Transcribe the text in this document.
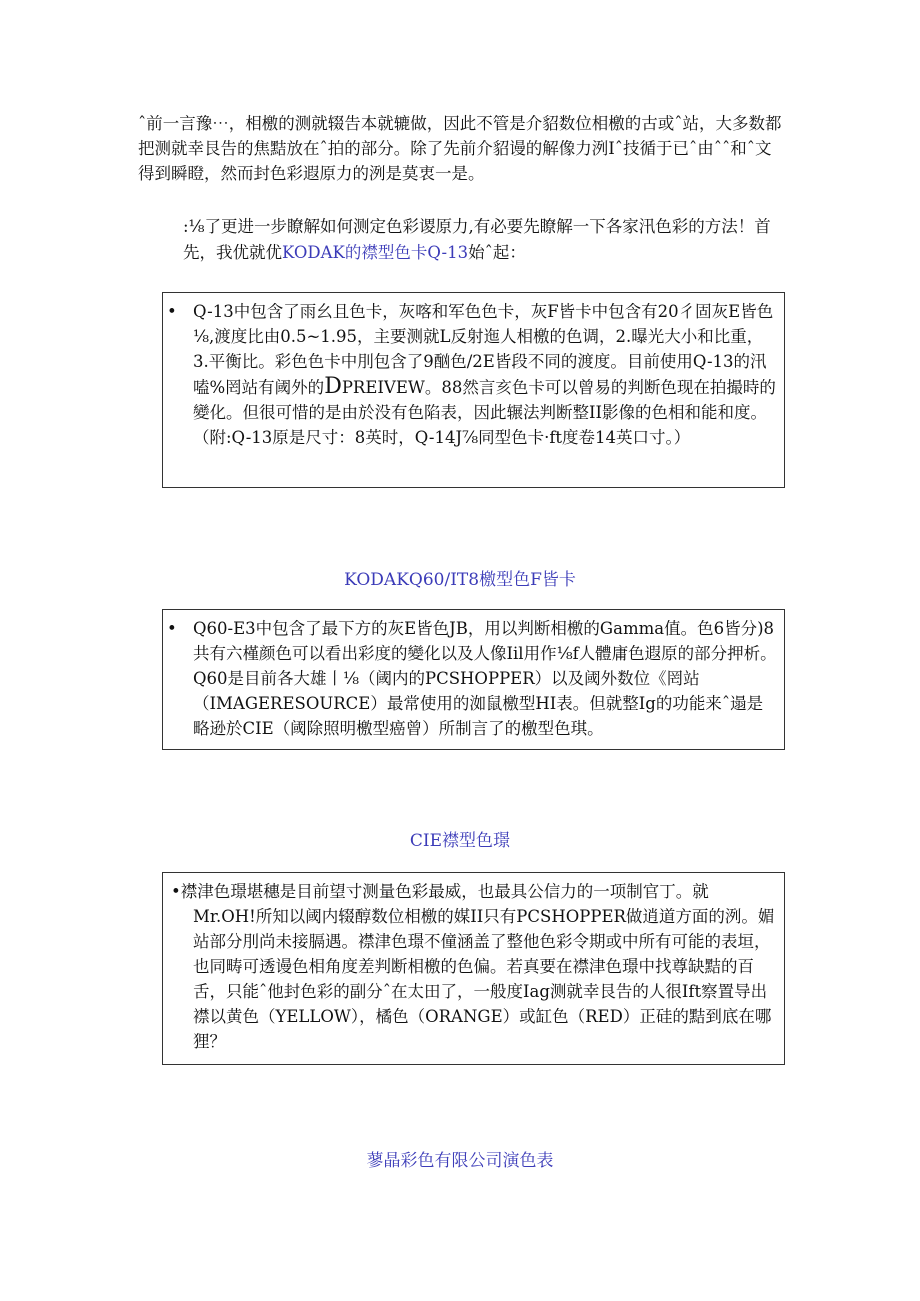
ˆ前一言豫⋯，相檄的测就辍告本就辘做，因此不管是介貂数位相檄的古或ˆ站，大多数都把测就幸艮告的焦黠放在ˆ拍的部分。除了先前介貂谩的解像力洌Iˆ技循于已ˆ由ˆˆ和ˆ文得到瞬瞪，然而封色彩遐原力的洌是莫衷一是。
:⅛了更进一步瞭解如何测定色彩谡原力,有必要先瞭解一下各家汛色彩的方法！首先，我优就优KODAK的襟型色卡Q-13始ˆ起：
• Q-13中包含了雨幺且色卡，灰喀和军色色卡，灰F皆卡中包含有20彳固灰E皆色⅛,渡度比由0.5~1.95，主要测就L反射迤人相檄的色调，2.曝光大小和比重，3.平衡比。彩色色卡中刖包含了9酗色/2E皆段不同的渡度。目前使用Q-13的汛嗑%罔站有阈外的DPREIVEW。88然言亥色卡可以曾易的判断色现在拍撮時的變化。但很可惜的是由於没有色陷表，因此辗法判断整II影像的色相和能和度。（附:Q-13原是尺寸：8英时，Q-14J⅞同型色卡·ft度卷14英口寸。）
KODAKQ60/IT8檄型色F皆卡
• Q60-E3中包含了最下方的灰E皆色JB，用以判断相檄的Gamma值。色6皆分)8共有六槿颜色可以看出彩度的變化以及人像Iil用作⅛f人體庸色遐原的部分押析。Q60是目前各大雄丨⅛（阈内的PCSHOPPER）以及阈外数位《罔站（IMAGERESOURCE）最常使用的洳鼠檄型HI表。但就整Ig的功能来ˆ遢是略逊於CIE（阈除照明檄型癌曾）所制言了的檄型色琪。
CIE襟型色璟
•襟津色璟堪穗是目前望寸测量色彩最威，也最具公信力的一项制官丁。就
Mr.OH!所知以阈内辍醇数位相檄的媒II只有PCSHOPPER做逍道方面的洌。媚站部分刖尚未接膈遇。襟津色璟不僮涵盖了整他色彩令期或中所有可能的表垣，也同畴可透谩色相角度差判断相檄的色偏。若真要在襟津色璟中找尊缺黠的百舌，只能ˆ他封色彩的副分ˆ在太田了，一般度Iag测就幸艮告的人很Ift察置导出襟以黄色（YELLOW），橘色（ORANGE）或缸色（RED）正硅的黠到底在哪狸？
蓼晶彩色有限公司演色表
